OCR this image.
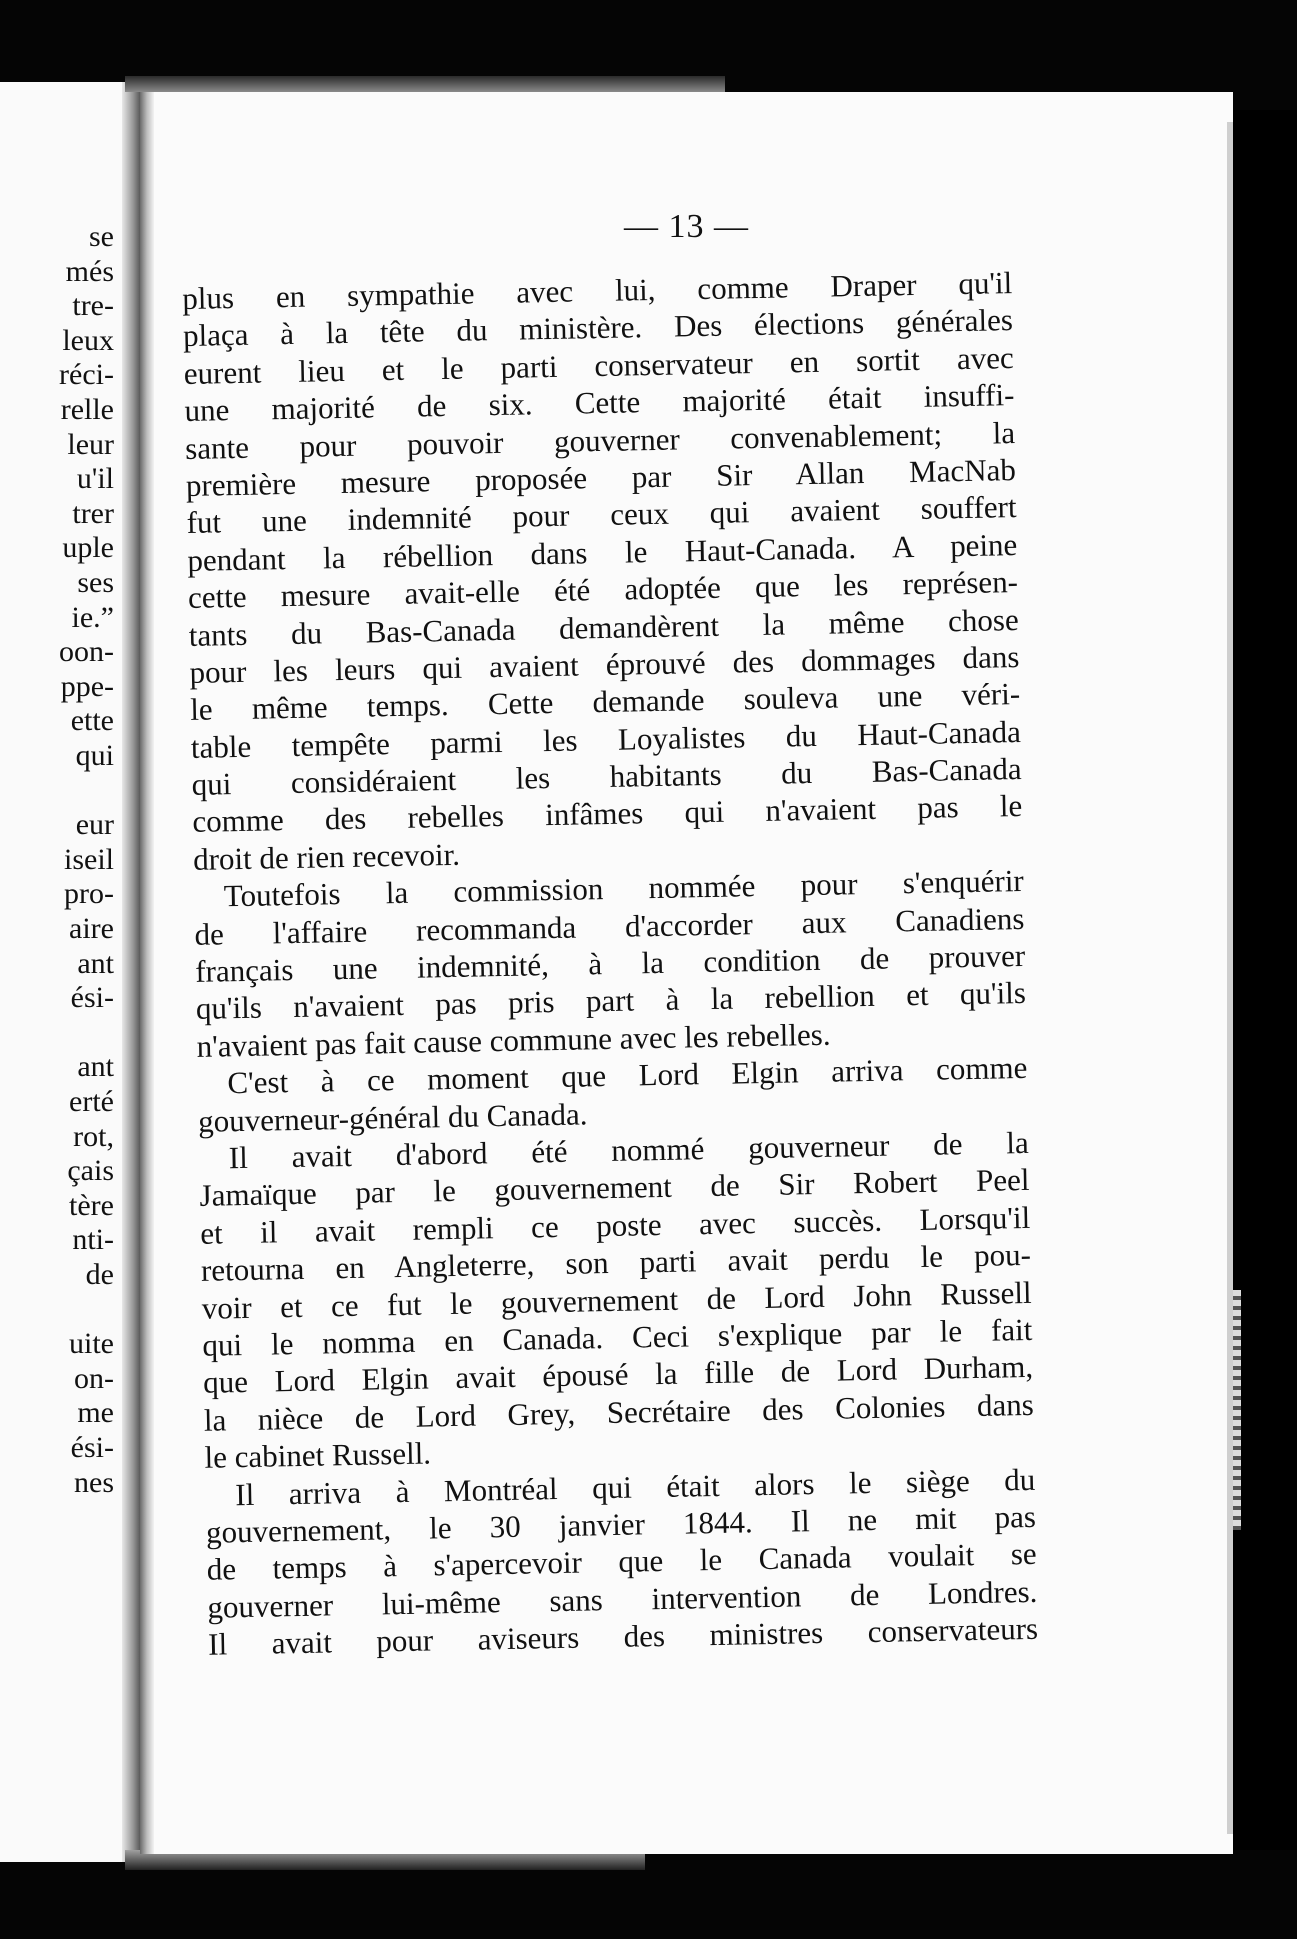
se
més
tre-
leux
réci-
relle
leur
u'il
trer
uple
ses
ie.”
oon-
ppe-
ette
qui
eur
iseil
pro-
aire
ant
ési-
ant
erté
rot,
çais
tère
nti-
de
uite
on-
me
ési-
nes
— 13 —
plus en sympathie avec lui, comme Draper qu'il
plaça à la tête du ministère. Des élections générales
eurent lieu et le parti conservateur en sortit avec
une majorité de six. Cette majorité était insuffi-
sante pour pouvoir gouverner convenablement; la
première mesure proposée par Sir Allan MacNab
fut une indemnité pour ceux qui avaient souffert
pendant la rébellion dans le Haut-Canada. A peine
cette mesure avait-elle été adoptée que les représen-
tants du Bas-Canada demandèrent la même chose
pour les leurs qui avaient éprouvé des dommages dans
le même temps. Cette demande souleva une véri-
table tempête parmi les Loyalistes du Haut-Canada
qui considéraient les habitants du Bas-Canada
comme des rebelles infâmes qui n'avaient pas le
droit de rien recevoir.
Toutefois la commission nommée pour s'enquérir
de l'affaire recommanda d'accorder aux Canadiens
français une indemnité, à la condition de prouver
qu'ils n'avaient pas pris part à la rebellion et qu'ils
n'avaient pas fait cause commune avec les rebelles.
C'est à ce moment que Lord Elgin arriva comme
gouverneur-général du Canada.
Il avait d'abord été nommé gouverneur de la
Jamaïque par le gouvernement de Sir Robert Peel
et il avait rempli ce poste avec succès. Lorsqu'il
retourna en Angleterre, son parti avait perdu le pou-
voir et ce fut le gouvernement de Lord John Russell
qui le nomma en Canada. Ceci s'explique par le fait
que Lord Elgin avait épousé la fille de Lord Durham,
la nièce de Lord Grey, Secrétaire des Colonies dans
le cabinet Russell.
Il arriva à Montréal qui était alors le siège du
gouvernement, le 30 janvier 1844. Il ne mit pas
de temps à s'apercevoir que le Canada voulait se
gouverner lui-même sans intervention de Londres.
Il avait pour aviseurs des ministres conservateurs
